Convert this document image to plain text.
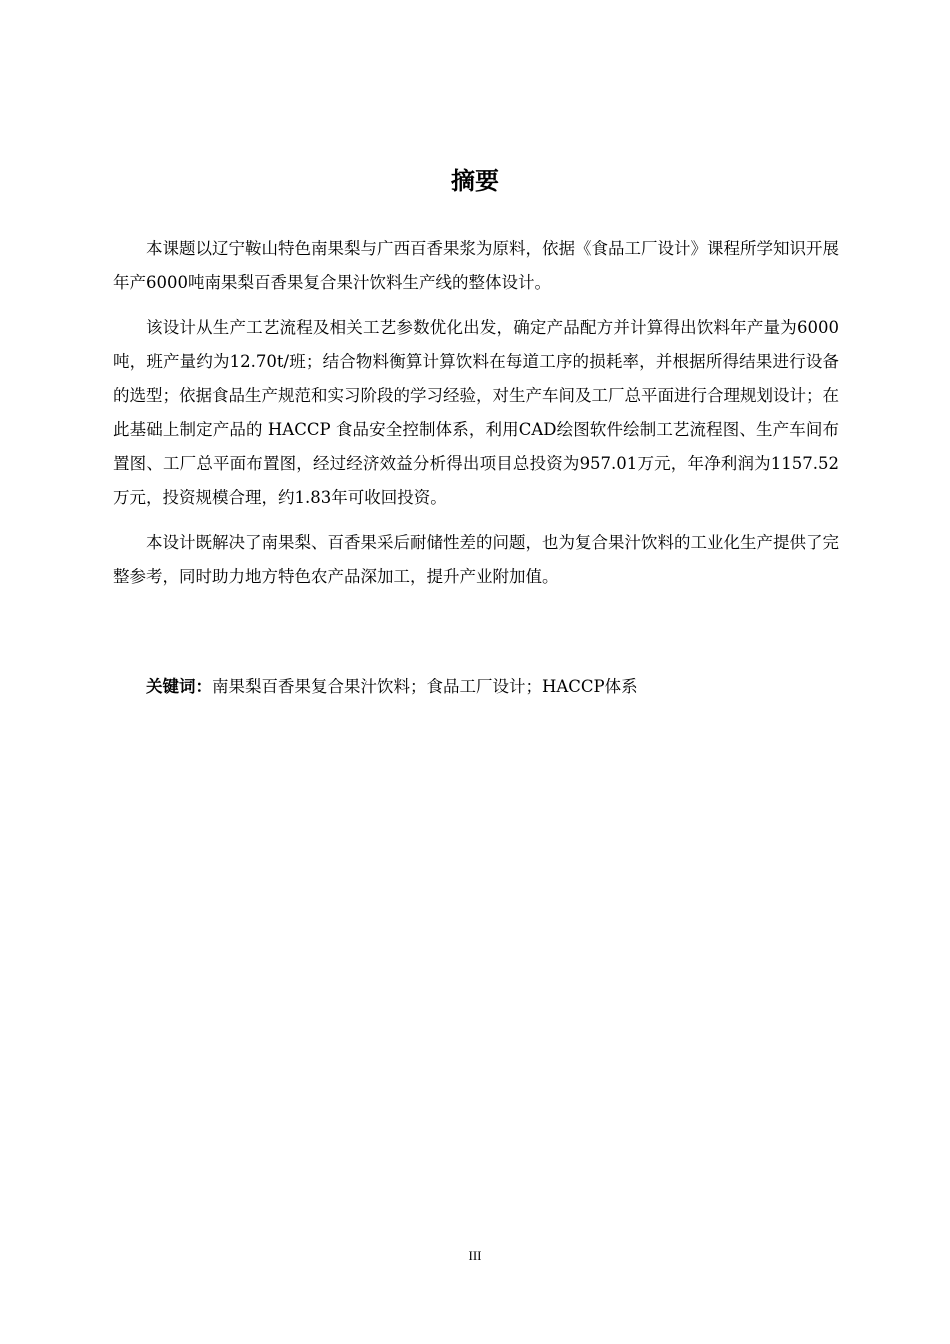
摘要

本课题以辽宁鞍山特色南果梨与广西百香果浆为原料，依据《食品工厂设计》课程所学知识开展年产6000吨南果梨百香果复合果汁饮料生产线的整体设计。

该设计从生产工艺流程及相关工艺参数优化出发，确定产品配方并计算得出饮料年产量为6000吨，班产量约为12.70t/班；结合物料衡算计算饮料在每道工序的损耗率，并根据所得结果进行设备的选型；依据食品生产规范和实习阶段的学习经验，对生产车间及工厂总平面进行合理规划设计；在此基础上制定产品的 HACCP 食品安全控制体系，利用CAD绘图软件绘制工艺流程图、生产车间布置图、工厂总平面布置图，经过经济效益分析得出项目总投资为957.01万元，年净利润为1157.52万元，投资规模合理，约1.83年可收回投资。

本设计既解决了南果梨、百香果采后耐储性差的问题，也为复合果汁饮料的工业化生产提供了完整参考，同时助力地方特色农产品深加工，提升产业附加值。

关键词：南果梨百香果复合果汁饮料；食品工厂设计；HACCP体系

III
